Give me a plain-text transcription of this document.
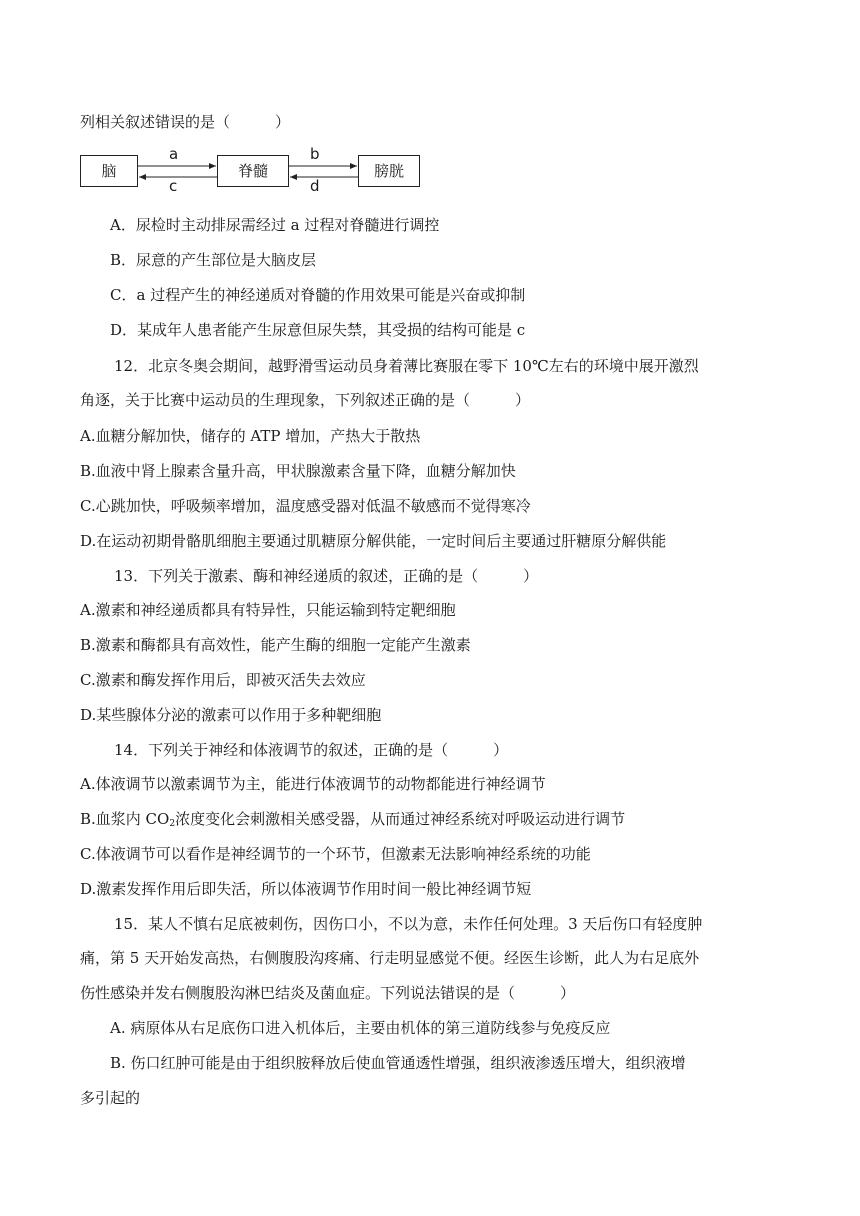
列相关叙述错误的是（　　　）
脑	脊髓	膀胱
a
c
b
d
A．尿检时主动排尿需经过 a 过程对脊髓进行调控
B．尿意的产生部位是大脑皮层
C．a 过程产生的神经递质对脊髓的作用效果可能是兴奋或抑制
D．某成年人患者能产生尿意但尿失禁，其受损的结构可能是 c
12．北京冬奥会期间，越野滑雪运动员身着薄比赛服在零下 10℃左右的环境中展开激烈
角逐，关于比赛中运动员的生理现象，下列叙述正确的是（　　　）
A.血糖分解加快，储存的 ATP 增加，产热大于散热
B.血液中肾上腺素含量升高，甲状腺激素含量下降，血糖分解加快
C.心跳加快，呼吸频率增加，温度感受器对低温不敏感而不觉得寒冷
D.在运动初期骨骼肌细胞主要通过肌糖原分解供能，一定时间后主要通过肝糖原分解供能
13．下列关于激素、酶和神经递质的叙述，正确的是（　　　）
A.激素和神经递质都具有特异性，只能运输到特定靶细胞
B.激素和酶都具有高效性，能产生酶的细胞一定能产生激素
C.激素和酶发挥作用后，即被灭活失去效应
D.某些腺体分泌的激素可以作用于多种靶细胞
14．下列关于神经和体液调节的叙述，正确的是（　　　）
A.体液调节以激素调节为主，能进行体液调节的动物都能进行神经调节
B.血浆内 $CO_2$浓度变化会刺激相关感受器，从而通过神经系统对呼吸运动进行调节
C.体液调节可以看作是神经调节的一个环节，但激素无法影响神经系统的功能
D.激素发挥作用后即失活，所以体液调节作用时间一般比神经调节短
15．某人不慎右足底被刺伤，因伤口小，不以为意，未作任何处理。3 天后伤口有轻度肿
痛，第 5 天开始发高热，右侧腹股沟疼痛、行走明显感觉不便。经医生诊断，此人为右足底外
伤性感染并发右侧腹股沟淋巴结炎及菌血症。下列说法错误的是（　　　）
A. 病原体从右足底伤口进入机体后，主要由机体的第三道防线参与免疫反应
B. 伤口红肿可能是由于组织胺释放后使血管通透性增强，组织液渗透压增大，组织液增
多引起的
